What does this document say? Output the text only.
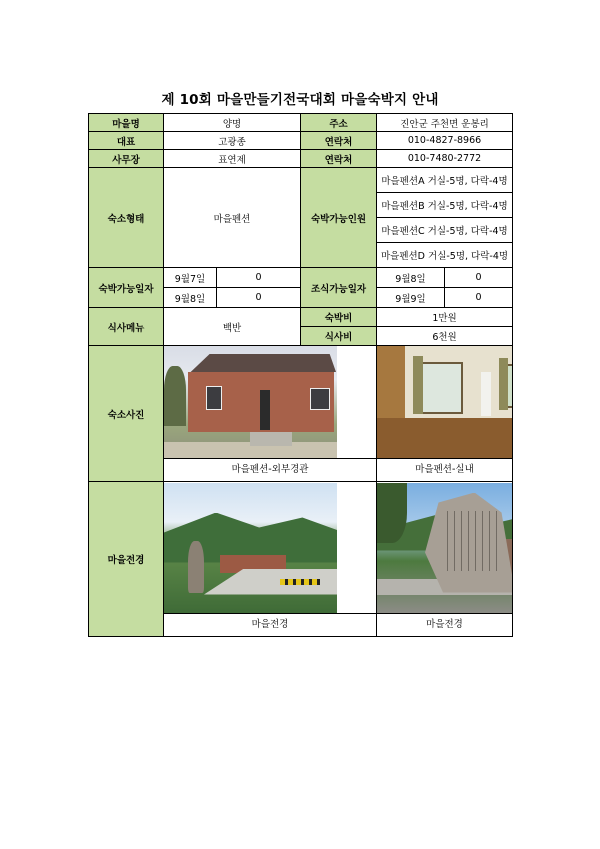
제 10회 마을만들기전국대회 마을숙박지 안내
마을명	양명		주소	진안군 주천면 운봉리	
대표	고광종		연락처	010-4827-8966	
사무장	표연제		연락처	010-7480-2772	
숙소형태	마을펜션		숙박가능인원	마을펜션A 거실-5명, 다락-4명	
				마을펜션B 거실-5명, 다락-4명	
				마을펜션C 거실-5명, 다락-4명	
				마을펜션D 거실-5명, 다락-4명	
숙박가능일자	9월7일	0	조식가능일자	9월8일	0
	9월8일	0		9월9일	0
식사메뉴	백반		숙박비	1만원	
			식사비	6천원	
숙소사진	마을펜션-외부경관			마을펜션-실내	

마을전경	마을전경			마을전경	
